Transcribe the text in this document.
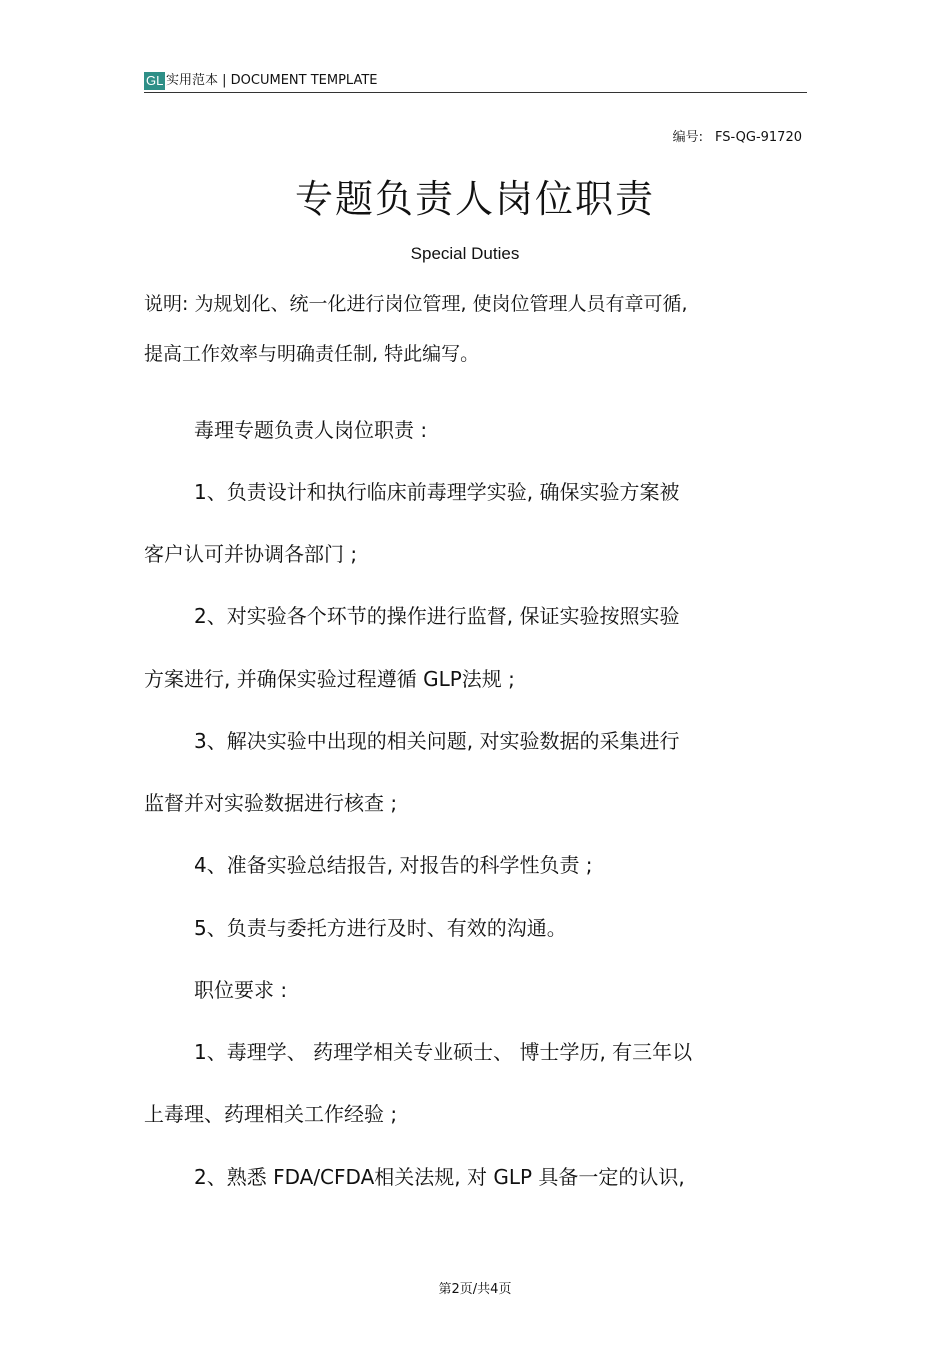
GL 实用范本 | DOCUMENT TEMPLATE
编号: FS-QG-91720
专题负责人岗位职责
Special Duties
说明: 为规划化、统一化进行岗位管理, 使岗位管理人员有章可循,
提高工作效率与明确责任制, 特此编写。
毒理专题负责人岗位职责 :
1、负责设计和执行临床前毒理学实验, 确保实验方案被
客户认可并协调各部门 ;
2、对实验各个环节的操作进行监督, 保证实验按照实验
方案进行, 并确保实验过程遵循 GLP法规 ;
3、解决实验中出现的相关问题, 对实验数据的采集进行
监督并对实验数据进行核查 ;
4、准备实验总结报告, 对报告的科学性负责 ;
5、负责与委托方进行及时、有效的沟通。
职位要求 :
1、毒理学、 药理学相关专业硕士、 博士学历, 有三年以
上毒理、药理相关工作经验 ;
2、熟悉 FDA/CFDA相关法规, 对 GLP 具备一定的认识,
第2页/共4页
